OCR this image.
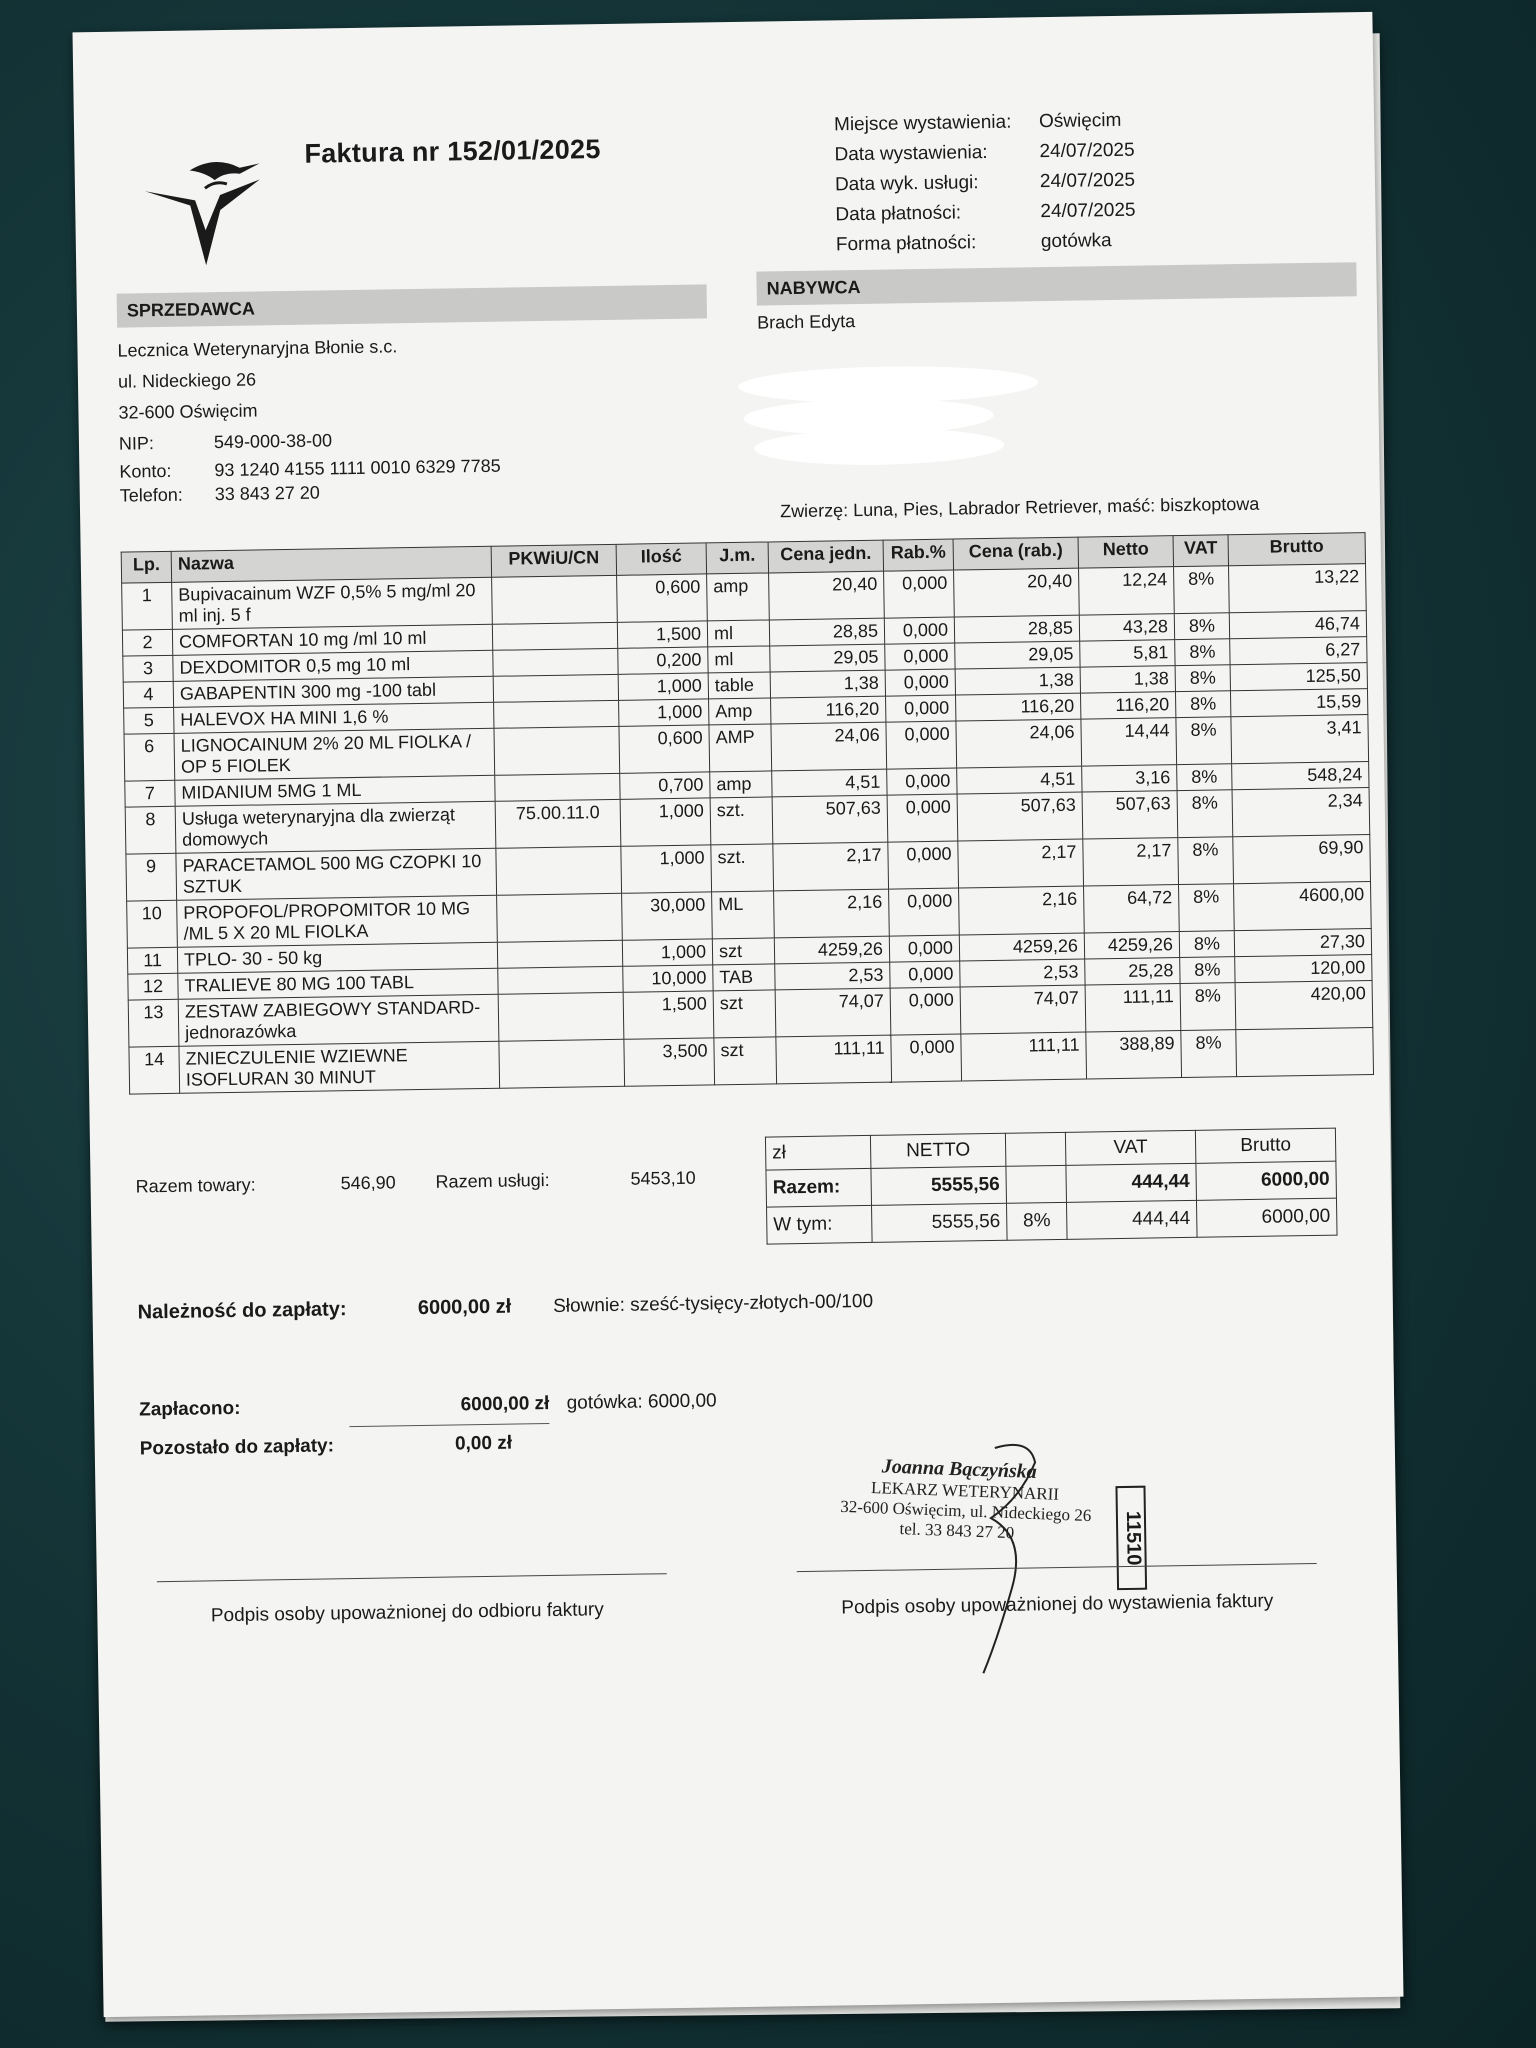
Faktura nr 152/01/2025
Miejsce wystawienia:	Oświęcim
Data wystawienia:	24/07/2025
Data wyk. usługi:	24/07/2025
Data płatności:	24/07/2025
Forma płatności:	gotówka
SPRZEDAWCA
Lecznica Weterynaryjna Błonie s.c.
ul. Nideckiego 26
32-600 Oświęcim
NIP:	549-000-38-00
Konto:	93 1240 4155 1111 0010 6329 7785
Telefon:	33 843 27 20
NABYWCA
Brach Edyta
Zwierzę: Luna, Pies, Labrador Retriever, maść: biszkoptowa
Lp.	Nazwa	PKWiU/CN	Ilość	J.m.	Cena jedn.	Rab.%	Cena (rab.)	Netto	VAT	Brutto
1	Bupivacainum WZF 0,5% 5 mg/ml 20 ml inj. 5 f		0,600	amp	20,40	0,000	20,40	12,24	8%	13,22
2	COMFORTAN 10 mg /ml 10 ml		1,500	ml	28,85	0,000	28,85	43,28	8%	46,74
3	DEXDOMITOR 0,5 mg 10 ml		0,200	ml	29,05	0,000	29,05	5,81	8%	6,27
4	GABAPENTIN 300 mg -100 tabl		1,000	table	1,38	0,000	1,38	1,38	8%	125,50
5	HALEVOX HA MINI 1,6 %		1,000	Amp	116,20	0,000	116,20	116,20	8%	15,59
6	LIGNOCAINUM 2% 20 ML FIOLKA / OP 5 FIOLEK		0,600	AMP	24,06	0,000	24,06	14,44	8%	3,41
7	MIDANIUM 5MG 1 ML		0,700	amp	4,51	0,000	4,51	3,16	8%	548,24
8	Usługa weterynaryjna dla zwierząt domowych	75.00.11.0	1,000	szt.	507,63	0,000	507,63	507,63	8%	2,34
9	PARACETAMOL 500 MG CZOPKI 10 SZTUK		1,000	szt.	2,17	0,000	2,17	2,17	8%	69,90
10	PROPOFOL/PROPOMITOR 10 MG /ML 5 X 20 ML FIOLKA		30,000	ML	2,16	0,000	2,16	64,72	8%	4600,00
11	TPLO- 30 - 50 kg		1,000	szt	4259,26	0,000	4259,26	4259,26	8%	27,30
12	TRALIEVE 80 MG 100 TABL		10,000	TAB	2,53	0,000	2,53	25,28	8%	120,00
13	ZESTAW ZABIEGOWY STANDARD- jednorazówka		1,500	szt	74,07	0,000	74,07	111,11	8%	420,00
14	ZNIECZULENIE WZIEWNE ISOFLURAN 30 MINUT		3,500	szt	111,11	0,000	111,11	388,89	8%	
Razem towary:	546,90	Razem usługi:	5453,10
zł	NETTO		VAT	Brutto
Razem:	5555,56		444,44	6000,00
W tym:	5555,56	8%	444,44	6000,00
Należność do zapłaty:	6000,00 zł Słownie: sześć-tysięcy-złotych-00/100
Zapłacono:	6000,00 zł gotówka: 6000,00
Pozostało do zapłaty:	0,00 zł
Joanna Bączyńska
LEKARZ WETERYNARII
32-600 Oświęcim, ul. Nideckiego 26
tel. 33 843 27 20	11510
Podpis osoby upoważnionej do odbioru faktury	Podpis osoby upoważnionej do wystawienia faktury
